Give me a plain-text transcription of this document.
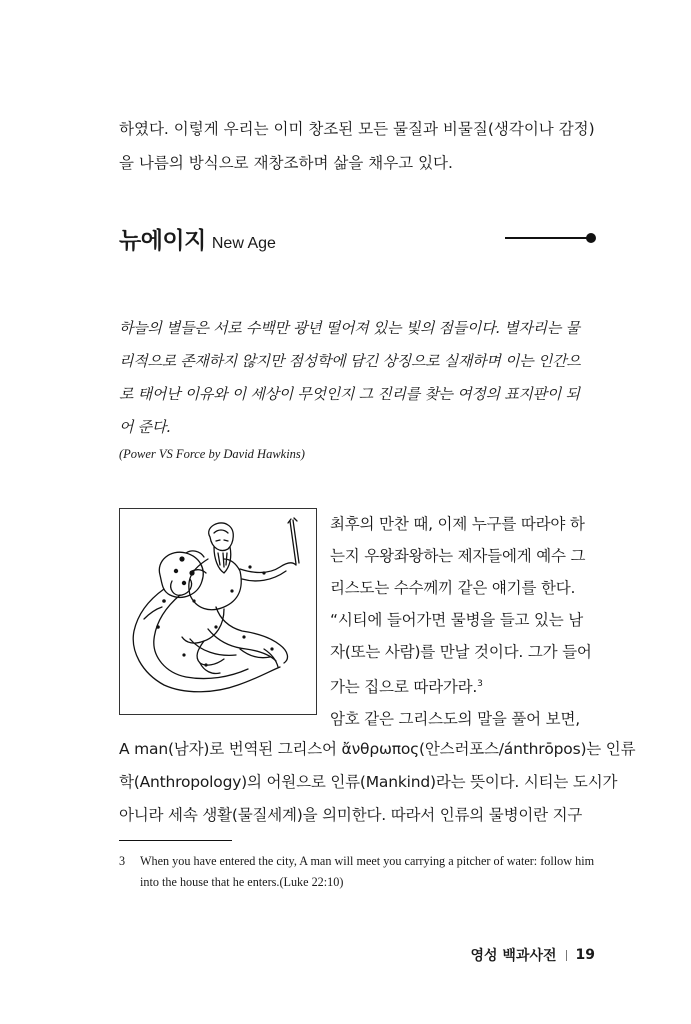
하였다. 이렇게 우리는 이미 창조된 모든 물질과 비물질(생각이나 감정)
을 나름의 방식으로 재창조하며 삶을 채우고 있다.
뉴에이지 New Age
하늘의 별들은 서로 수백만 광년 떨어져 있는 빛의 점들이다. 별자리는 물
리적으로 존재하지 않지만 점성학에 담긴 상징으로 실재하며 이는 인간으
로 태어난 이유와 이 세상이 무엇인지 그 진리를 찾는 여정의 표지판이 되
어 준다.
(Power VS Force by David Hawkins)
최후의 만찬 때, 이제 누구를 따라야 하
는지 우왕좌왕하는 제자들에게 예수 그
리스도는 수수께끼 같은 얘기를 한다.
“시티에 들어가면 물병을 들고 있는 남
자(또는 사람)를 만날 것이다. 그가 들어
가는 집으로 따라가라.$^3$
암호 같은 그리스도의 말을 풀어 보면,
A man(남자)로 번역된 그리스어 ἄνθρωπος(안스러포스/ánthrōpos)는 인류
학(Anthropology)의 어원으로 인류(Mankind)라는 뜻이다. 시티는 도시가
아니라 세속 생활(물질세계)을 의미한다. 따라서 인류의 물병이란 지구
3 When you have entered the city, A man will meet you carrying a pitcher of water: follow him
into the house that he enters.(Luke 22:10)
영성 백과사전 19
